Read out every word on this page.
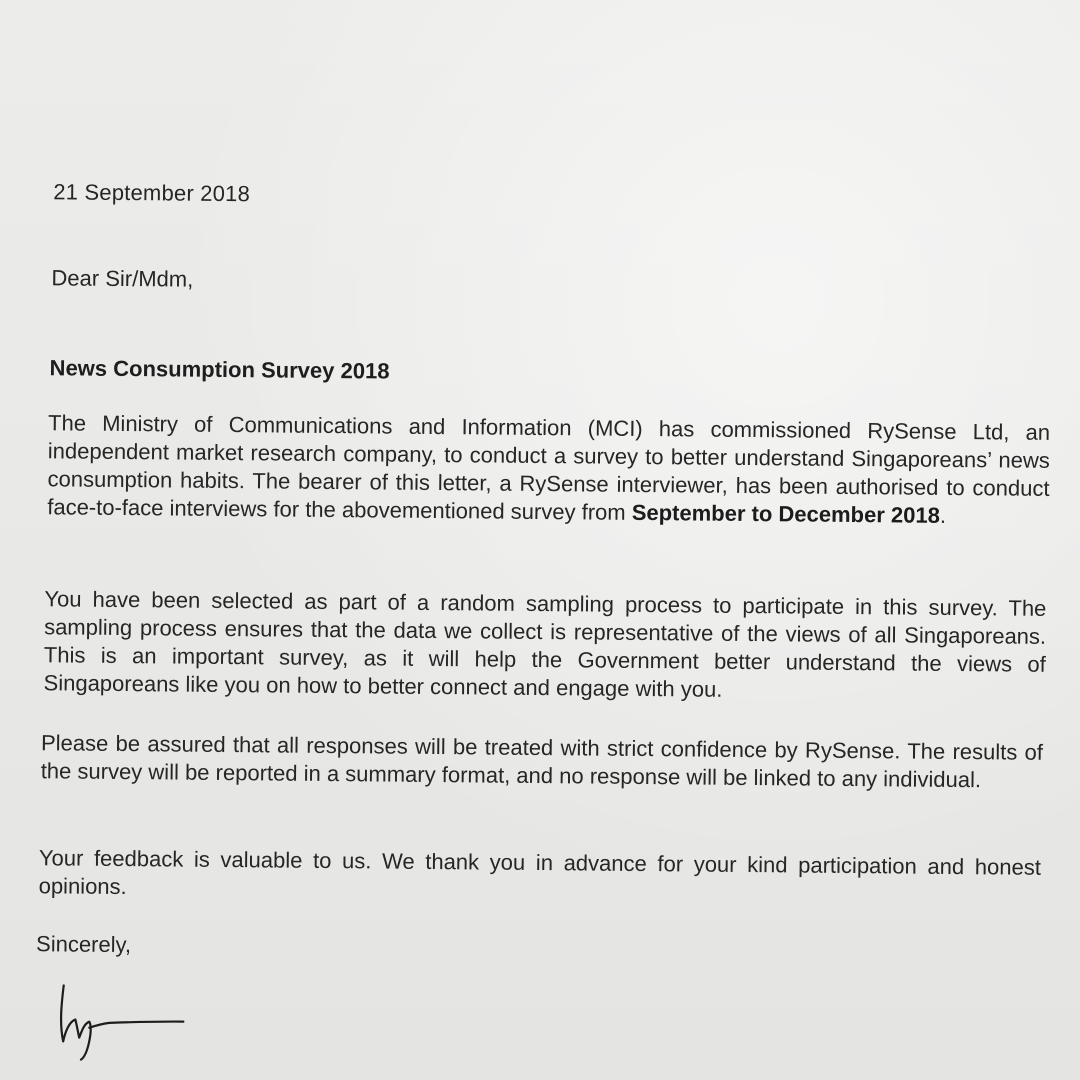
21 September 2018
Dear Sir/Mdm,
News Consumption Survey 2018

The Ministry of Communications and Information (MCI) has commissioned RySense Ltd, an independent market research company, to conduct a survey to better understand Singaporeans’ news consumption habits. The bearer of this letter, a RySense interviewer, has been authorised to conduct face-to-face interviews for the abovementioned survey from September to December 2018.

You have been selected as part of a random sampling process to participate in this survey. The sampling process ensures that the data we collect is representative of the views of all Singaporeans. This is an important survey, as it will help the Government better understand the views of Singaporeans like you on how to better connect and engage with you.

Please be assured that all responses will be treated with strict confidence by RySense. The results of the survey will be reported in a summary format, and no response will be linked to any individual.

Your feedback is valuable to us. We thank you in advance for your kind participation and honest opinions.

Sincerely,
